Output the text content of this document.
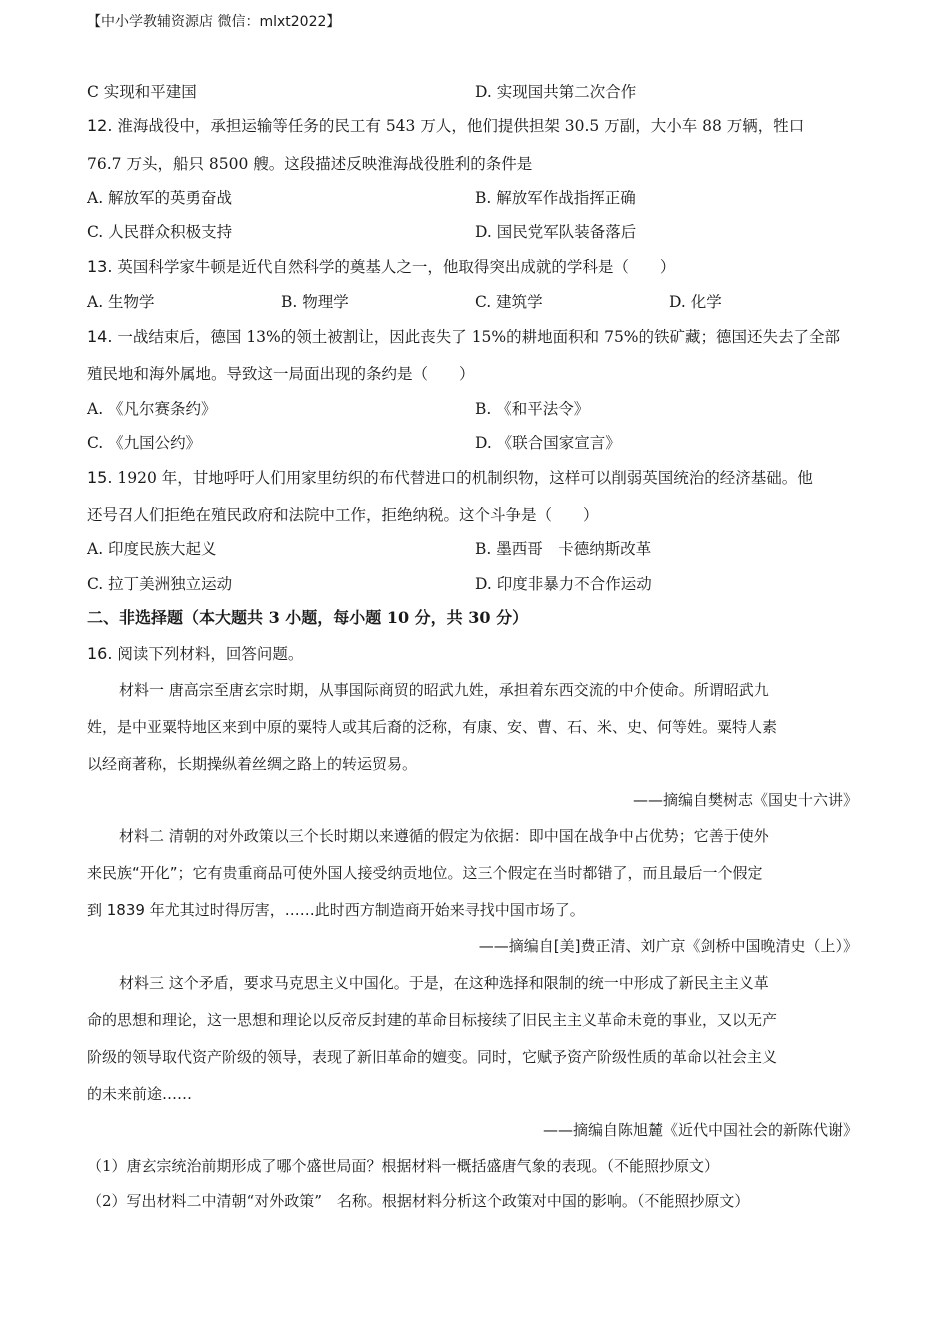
【中小学教辅资源店 微信：mlxt2022】
C 实现和平建国	D. 实现国共第二次合作
12. 淮海战役中，承担运输等任务的民工有 543 万人，他们提供担架 30.5 万副，大小车 88 万辆，牲口
76.7 万头，船只 8500 艘。这段描述反映淮海战役胜利的条件是
A. 解放军的英勇奋战	B. 解放军作战指挥正确
C. 人民群众积极支持	D. 国民党军队装备落后
13. 英国科学家牛顿是近代自然科学的奠基人之一，他取得突出成就的学科是（　　）
A. 生物学	B. 物理学	C. 建筑学	D. 化学
14. 一战结束后，德国 13%的领土被割让，因此丧失了 15%的耕地面积和 75%的铁矿藏；德国还失去了全部
殖民地和海外属地。导致这一局面出现的条约是（　　）
A. 《凡尔赛条约》	B. 《和平法令》
C. 《九国公约》	D. 《联合国家宣言》
15. 1920 年，甘地呼吁人们用家里纺织的布代替进口的机制织物，这样可以削弱英国统治的经济基础。他
还号召人们拒绝在殖民政府和法院中工作，拒绝纳税。这个斗争是（　　）
A. 印度民族大起义	B. 墨西哥　卡德纳斯改革
C. 拉丁美洲独立运动	D. 印度非暴力不合作运动
二、非选择题（本大题共 3 小题，每小题 10 分，共 30 分）
16. 阅读下列材料，回答问题。
材料一 唐高宗至唐玄宗时期，从事国际商贸的昭武九姓，承担着东西交流的中介使命。所谓昭武九
姓，是中亚粟特地区来到中原的粟特人或其后裔的泛称，有康、安、曹、石、米、史、何等姓。粟特人素
以经商著称，长期操纵着丝绸之路上的转运贸易。
——摘编自樊树志《国史十六讲》
材料二 清朝的对外政策以三个长时期以来遵循的假定为依据：即中国在战争中占优势；它善于使外
来民族“开化”；它有贵重商品可使外国人接受纳贡地位。这三个假定在当时都错了，而且最后一个假定
到 1839 年尤其过时得厉害，……此时西方制造商开始来寻找中国市场了。
——摘编自[美]费正清、刘广京《剑桥中国晚清史（上）》
材料三 这个矛盾，要求马克思主义中国化。于是，在这种选择和限制的统一中形成了新民主主义革
命的思想和理论，这一思想和理论以反帝反封建的革命目标接续了旧民主主义革命未竟的事业，又以无产
阶级的领导取代资产阶级的领导，表现了新旧革命的嬗变。同时，它赋予资产阶级性质的革命以社会主义
的未来前途……
——摘编自陈旭麓《近代中国社会的新陈代谢》
（1）唐玄宗统治前期形成了哪个盛世局面？根据材料一概括盛唐气象的表现。（不能照抄原文）
（2）写出材料二中清朝“对外政策”　名称。根据材料分析这个政策对中国的影响。（不能照抄原文）
